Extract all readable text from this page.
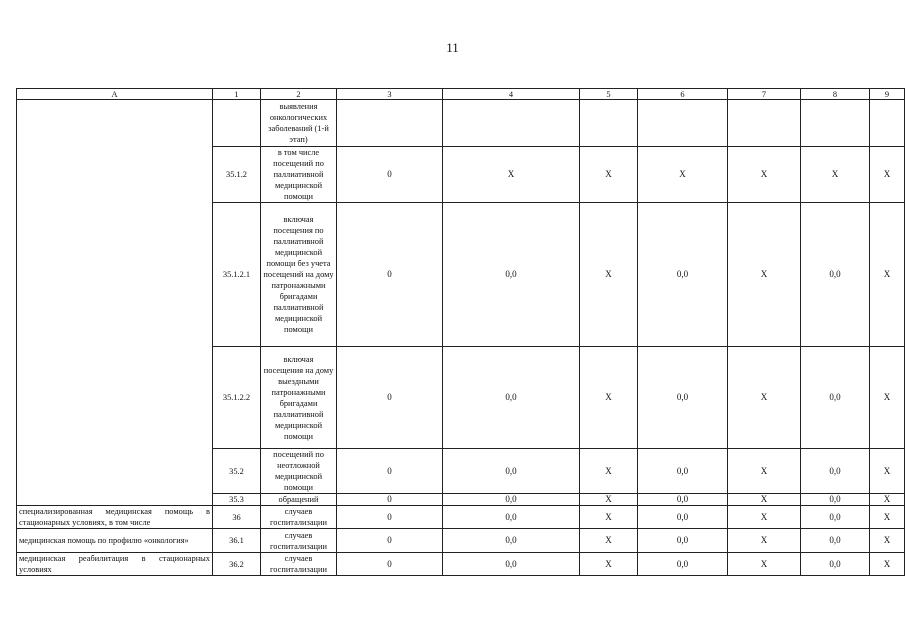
11
А	1	2	3	4	5	6	7	8	9
		выявления онкологических заболеваний (1-й этап)							
	35.1.2	в том числе посещений по паллиативной медицинской помощи	0	X	X	X	X	X	X
	35.1.2.1	включая посещения по паллиативной медицинской помощи без учета посещений на дому патронажными бригадами паллиативной медицинской помощи	0	0,0	X	0,0	X	0,0	X
	35.1.2.2	включая посещения на дому выездными патронажными бригадами паллиативной медицинской помощи	0	0,0	X	0,0	X	0,0	X
	35.2	посещений по неотложной медицинской помощи	0	0,0	X	0,0	X	0,0	X
	35.3	обращений	0	0,0	X	0,0	X	0,0	X

специализированная медицинская помощь в стационарных условиях, в том числе	36	случаев госпитализации	0	0,0	X	0,0	X	0,0	X

медицинская помощь по профилю «онкология»	36.1	случаев госпитализации	0	0,0	X	0,0	X	0,0	X

медицинская реабилитация в стационарных условиях	36.2	случаев госпитализации	0	0,0	X	0,0	X	0,0	X
